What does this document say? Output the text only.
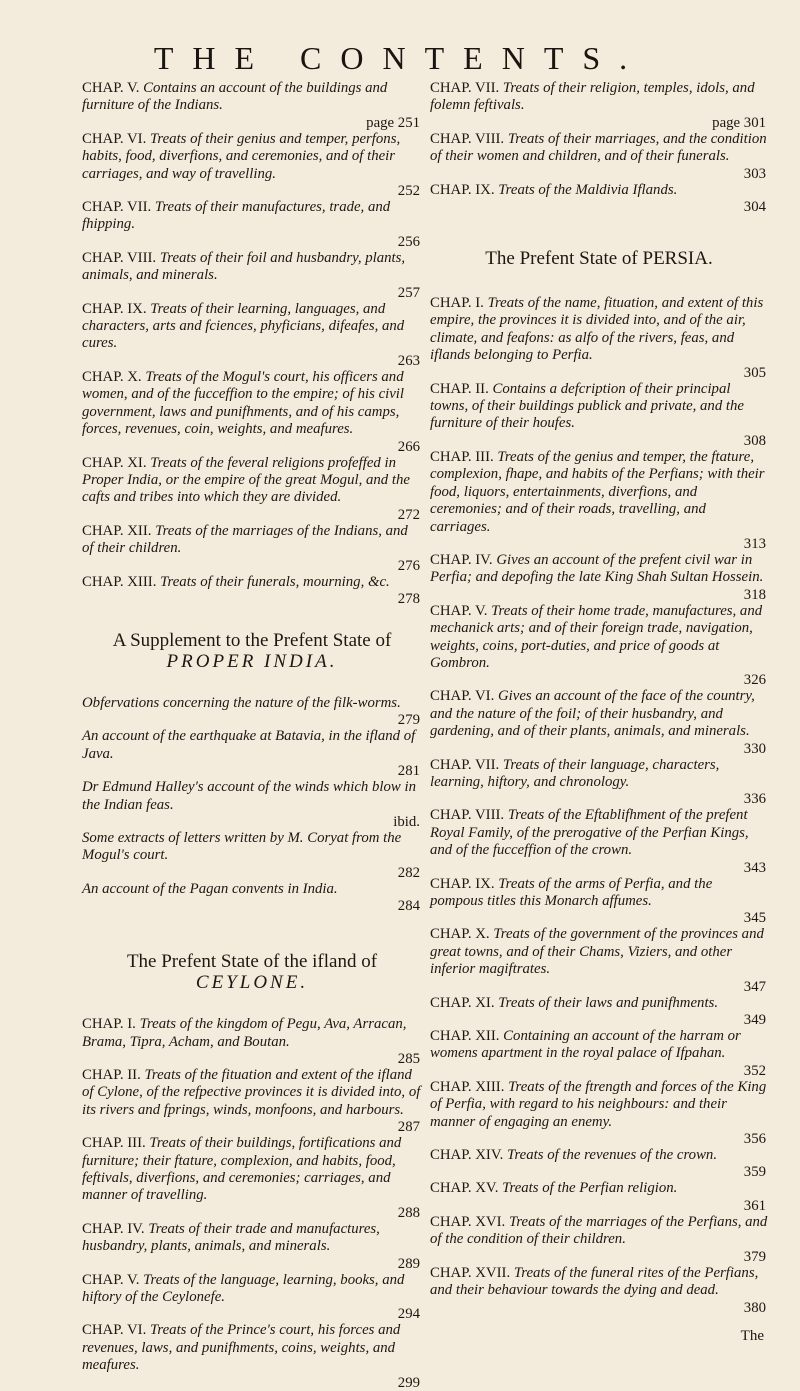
THE CONTENTS.

CHAP. V. Contains an account of the buildings and furniture of the Indians.
page 251

CHAP. VI. Treats of their genius and temper, perfons, habits, food, diverfions, and ceremonies, and of their carriages, and way of travelling.
252

CHAP. VII. Treats of their manufactures, trade, and fhipping.
256

CHAP. VIII. Treats of their foil and husbandry, plants, animals, and minerals.
257

CHAP. IX. Treats of their learning, languages, and characters, arts and fciences, phyficians, difeafes, and cures.
263

CHAP. X. Treats of the Mogul's court, his officers and women, and of the fucceffion to the empire; of his civil government, laws and punifhments, and of his camps, forces, revenues, coin, weights, and meafures.
266

CHAP. XI. Treats of the feveral religions profeffed in Proper India, or the empire of the great Mogul, and the cafts and tribes into which they are divided.
272

CHAP. XII. Treats of the marriages of the Indians, and of their children.
276

CHAP. XIII. Treats of their funerals, mourning, &c.
278

A Supplement to the Prefent State of

PROPER INDIA.

Obfervations concerning the nature of the filk-worms.
279

An account of the earthquake at Batavia, in the ifland of Java.
281

Dr Edmund Halley's account of the winds which blow in the Indian feas.
ibid.

Some extracts of letters written by M. Coryat from the Mogul's court.
282

An account of the Pagan convents in India.
284

The Prefent State of the ifland of

CEYLONE.

CHAP. I. Treats of the kingdom of Pegu, Ava, Arracan, Brama, Tipra, Acham, and Boutan.
285

CHAP. II. Treats of the fituation and extent of the ifland of Cylone, of the refpective provinces it is divided into, of its rivers and fprings, winds, monfoons, and harbours.
287

CHAP. III. Treats of their buildings, fortifications and furniture; their ftature, complexion, and habits, food, feftivals, diverfions, and ceremonies; carriages, and manner of travelling.
288

CHAP. IV. Treats of their trade and manufactures, husbandry, plants, animals, and minerals.
289

CHAP. V. Treats of the language, learning, books, and hiftory of the Ceylonefe.
294

CHAP. VI. Treats of the Prince's court, his forces and revenues, laws, and punifhments, coins, weights, and meafures.
299

CHAP. VII. Treats of their religion, temples, idols, and folemn feftivals.
page 301

CHAP. VIII. Treats of their marriages, and the condition of their women and children, and of their funerals.
303

CHAP. IX. Treats of the Maldivia Iflands.
304

The Prefent State of PERSIA.

CHAP. I. Treats of the name, fituation, and extent of this empire, the provinces it is divided into, and of the air, climate, and feafons: as alfo of the rivers, feas, and iflands belonging to Perfia.
305

CHAP. II. Contains a defcription of their principal towns, of their buildings publick and private, and the furniture of their houfes.
308

CHAP. III. Treats of the genius and temper, the ftature, complexion, fhape, and habits of the Perfians; with their food, liquors, entertainments, diverfions, and ceremonies; and of their roads, travelling, and carriages.
313

CHAP. IV. Gives an account of the prefent civil war in Perfia; and depofing the late King Shah Sultan Hossein.
318

CHAP. V. Treats of their home trade, manufactures, and mechanick arts; and of their foreign trade, navigation, weights, coins, port-duties, and price of goods at Gombron.
326

CHAP. VI. Gives an account of the face of the country, and the nature of the foil; of their husbandry, and gardening, and of their plants, animals, and minerals.
330

CHAP. VII. Treats of their language, characters, learning, hiftory, and chronology.
336

CHAP. VIII. Treats of the Eftablifhment of the prefent Royal Family, of the prerogative of the Perfian Kings, and of the fucceffion of the crown.
343

CHAP. IX. Treats of the arms of Perfia, and the pompous titles this Monarch affumes.
345

CHAP. X. Treats of the government of the provinces and great towns, and of their Chams, Viziers, and other inferior magiftrates.
347

CHAP. XI. Treats of their laws and punifhments.
349

CHAP. XII. Containing an account of the harram or womens apartment in the royal palace of Ifpahan.
352

CHAP. XIII. Treats of the ftrength and forces of the King of Perfia, with regard to his neighbours: and their manner of engaging an enemy.
356

CHAP. XIV. Treats of the revenues of the crown.
359

CHAP. XV. Treats of the Perfian religion.
361

CHAP. XVI. Treats of the marriages of the Perfians, and of the condition of their children.
379

CHAP. XVII. Treats of the funeral rites of the Perfians, and their behaviour towards the dying and dead.
380

The
